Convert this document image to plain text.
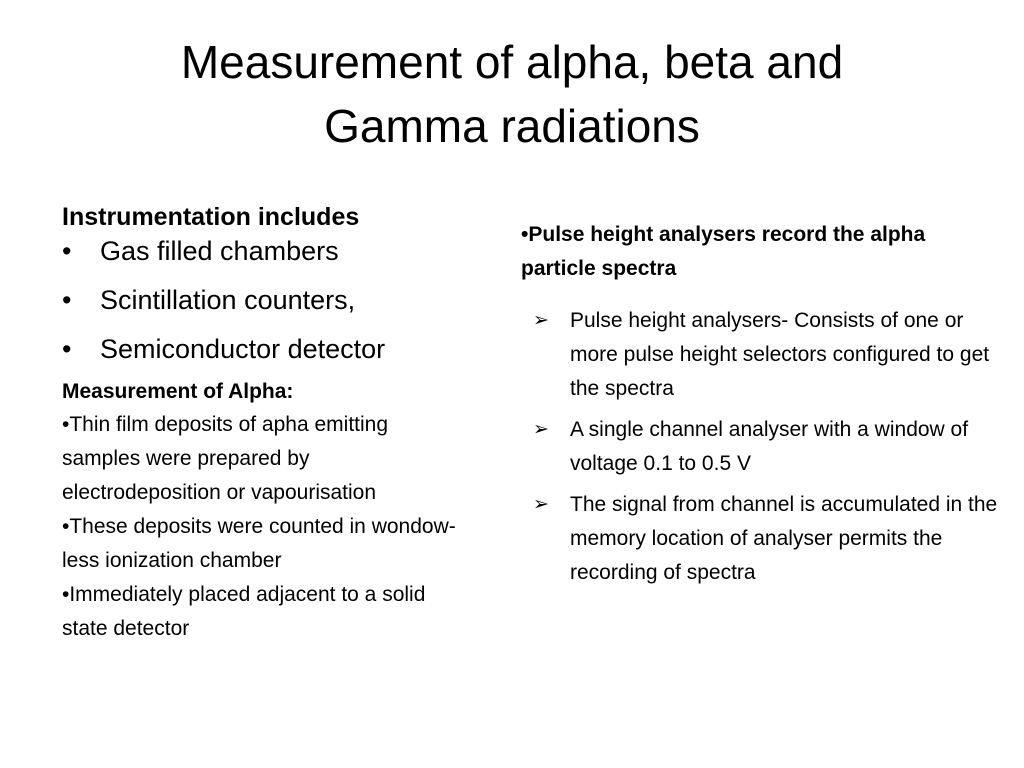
Measurement of alpha, beta and
Gamma radiations

Instrumentation includes

• Gas filled chambers
• Scintillation counters,
• Semiconductor detector

Measurement of Alpha:

•Thin film deposits of apha emitting samples were prepared by electrodeposition or vapourisation

•These deposits were counted in wondow-less ionization chamber

•Immediately placed adjacent to a solid state detector

•Pulse height analysers record the alpha particle spectra

➢ Pulse height analysers- Consists of one or more pulse height selectors configured to get the spectra
➢ A single channel analyser with a window of voltage 0.1 to 0.5 V
➢ The signal from channel is accumulated in the memory location of analyser permits the recording of spectra
